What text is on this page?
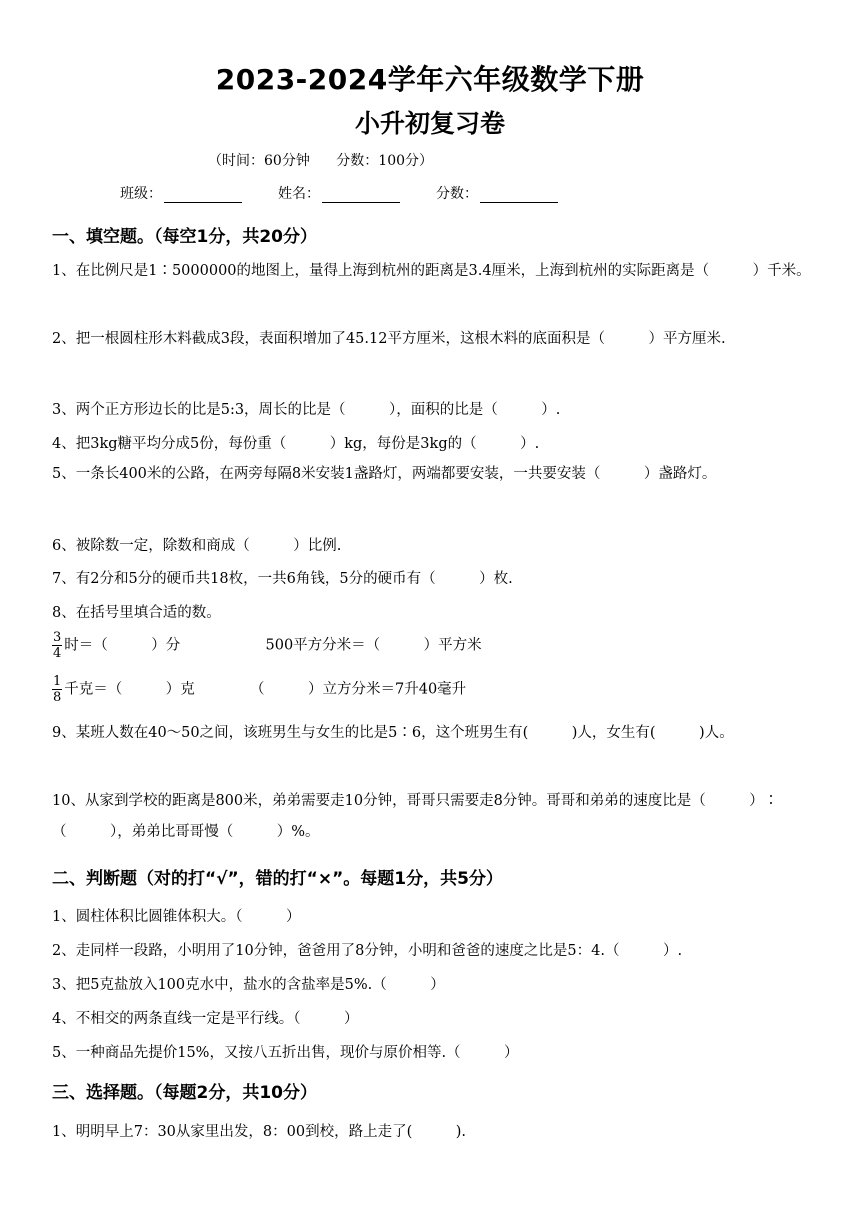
2023-2024学年六年级数学下册
小升初复习卷
（时间：60分钟 分数：100分）
班级：	姓名：	分数：
一、填空题。（每空1分，共20分）
1、在比例尺是1∶5000000的地图上，量得上海到杭州的距离是3.4厘米，上海到杭州的实际距离是（　　　）千米。
2、把一根圆柱形木料截成3段，表面积增加了45.12平方厘米，这根木料的底面积是（　　　）平方厘米.
3、两个正方形边长的比是5:3，周长的比是（　　　），面积的比是（　　　）.
4、把3kg糖平均分成5份，每份重（　　　）kg，每份是3kg的（　　　）.
5、一条长400米的公路，在两旁每隔8米安装1盏路灯，两端都要安装，一共要安装（　　　）盏路灯。
6、被除数一定，除数和商成（　　　）比例.
7、有2分和5分的硬币共18枚，一共6角钱，5分的硬币有（　　　）枚.
8、在括号里填合适的数。
$\frac{3}{4}$ 时＝（　　　）分	500平方分米＝（　　　）平方米
$\frac{1}{8}$ 千克＝（　　　）克	（　　　）立方分米＝7升40毫升
9、某班人数在40～50之间，该班男生与女生的比是5∶6，这个班男生有(　　　)人，女生有(　　　)人。
10、从家到学校的距离是800米，弟弟需要走10分钟，哥哥只需要走8分钟。哥哥和弟弟的速度比是（　　　）∶（　　　），弟弟比哥哥慢（　　　）%。
二、判断题（对的打“√”，错的打“×”。每题1分，共5分）
1、圆柱体积比圆锥体积大。（　　　）
2、走同样一段路，小明用了10分钟，爸爸用了8分钟，小明和爸爸的速度之比是5：4.（　　　）.
3、把5克盐放入100克水中，盐水的含盐率是5%.（　　　）
4、不相交的两条直线一定是平行线。（　　　）
5、一种商品先提价15%，又按八五折出售，现价与原价相等.（　　　）
三、选择题。（每题2分，共10分）
1、明明早上7：30从家里出发，8：00到校，路上走了(　　　).
